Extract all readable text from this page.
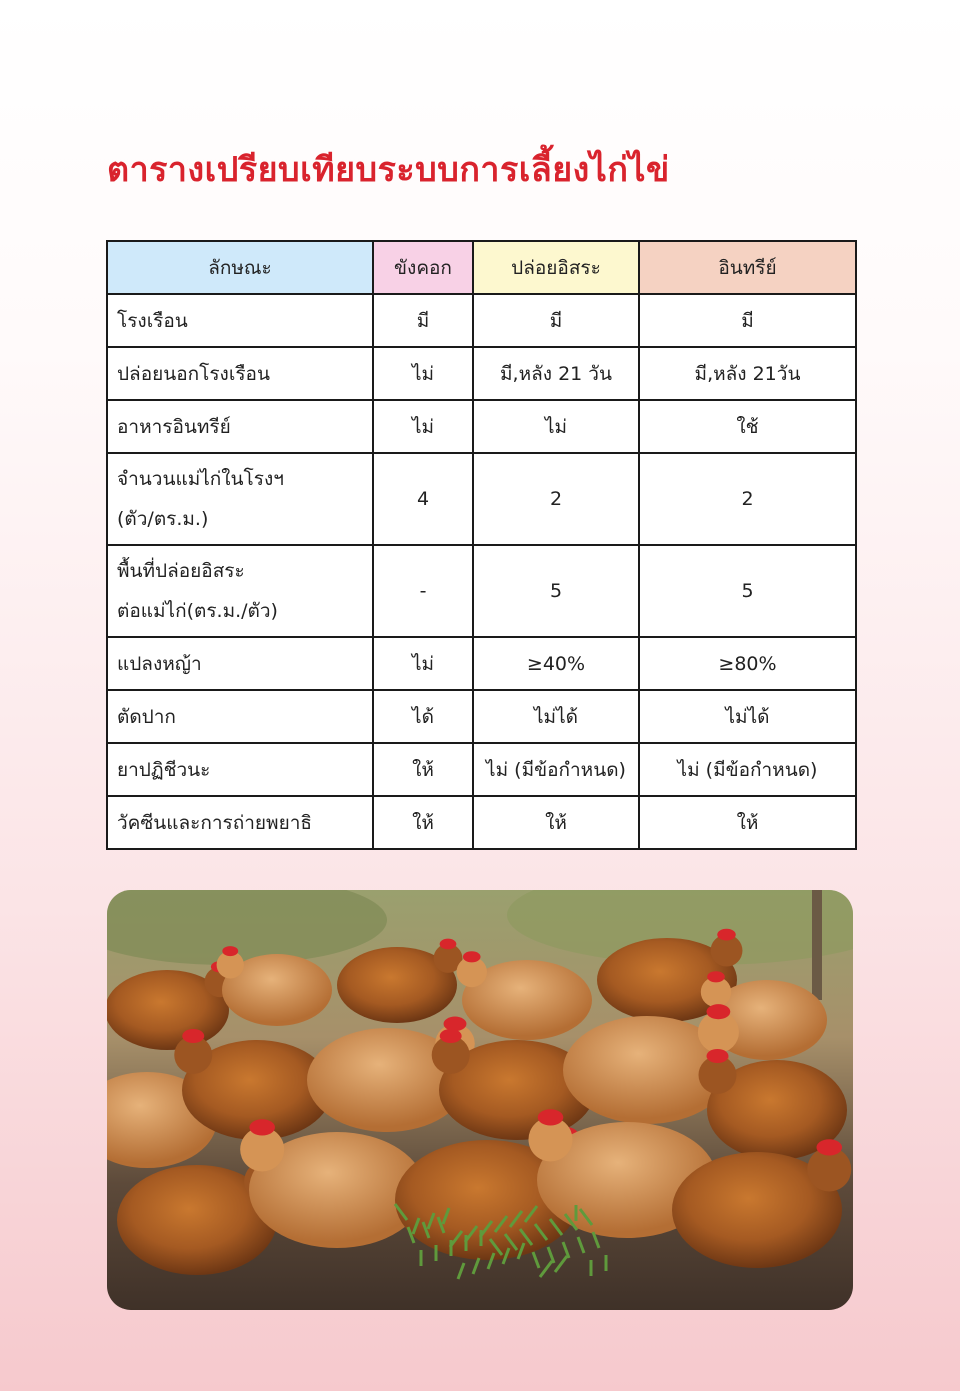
ตารางเปรียบเทียบระบบการเลี้ยงไก่ไข่
ลักษณะ	ขังคอก	ปล่อยอิสระ	อินทรีย์

โรงเรือน	มี	มี	มี

ปล่อยนอกโรงเรือน	ไม่	มี,หลัง 21 วัน	มี,หลัง 21วัน

อาหารอินทรีย์	ไม่	ไม่	ใช้

จำนวนแม่ไก่ในโรงฯ
(ตัว/ตร.ม.)	4	2	2

พื้นที่ปล่อยอิสระ
ต่อแม่ไก่(ตร.ม./ตัว)	-	5	5

แปลงหญ้า	ไม่	≥40%	≥80%

ตัดปาก	ได้	ไม่ได้	ไม่ได้

ยาปฏิชีวนะ	ให้	ไม่ (มีข้อกำหนด)	ไม่ (มีข้อกำหนด)

วัคซีนและการถ่ายพยาธิ	ให้	ให้	ให้
